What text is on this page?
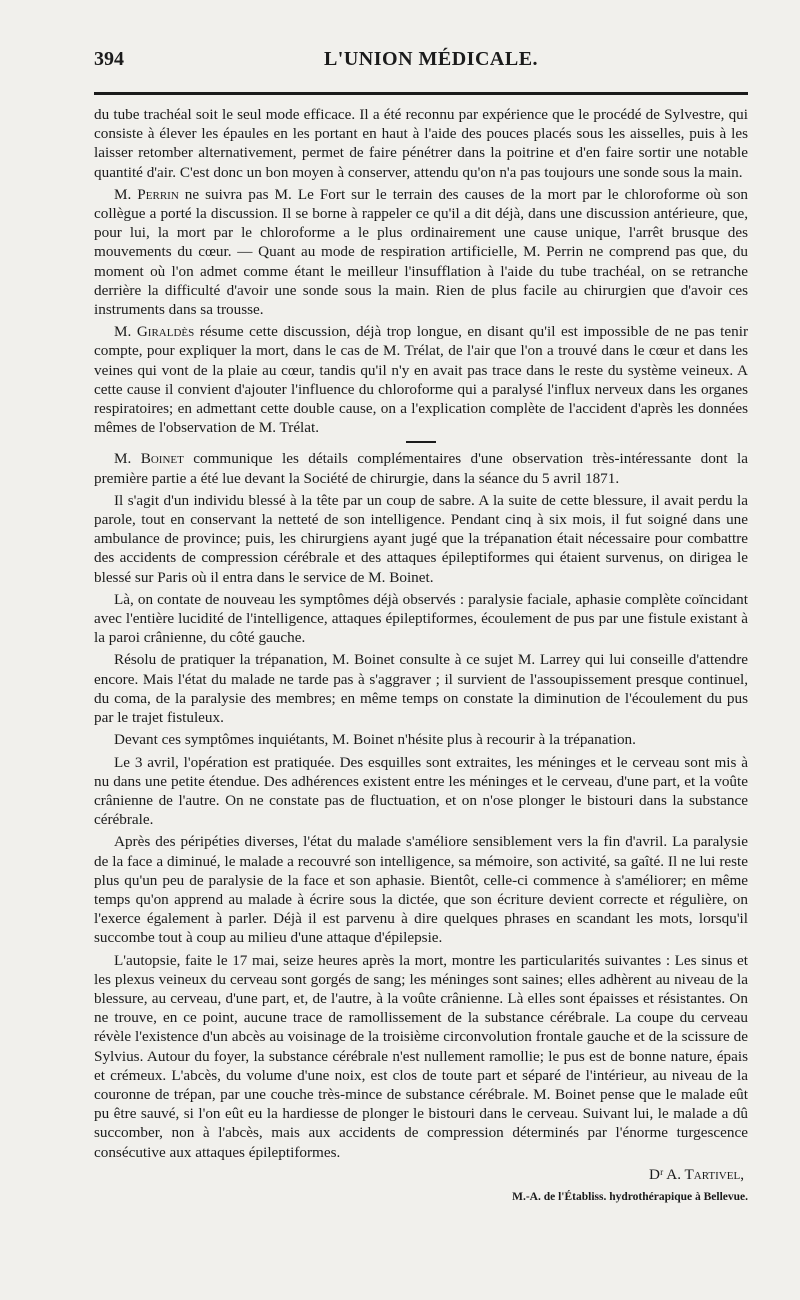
394	L'UNION MÉDICALE.

du tube trachéal soit le seul mode efficace. Il a été reconnu par expérience que le procédé de Sylvestre, qui consiste à élever les épaules en les portant en haut à l'aide des pouces placés sous les aisselles, puis à les laisser retomber alternativement, permet de faire pénétrer dans la poitrine et d'en faire sortir une notable quantité d'air. C'est donc un bon moyen à conserver, attendu qu'on n'a pas toujours une sonde sous la main.

M. Perrin ne suivra pas M. Le Fort sur le terrain des causes de la mort par le chloroforme où son collègue a porté la discussion. Il se borne à rappeler ce qu'il a dit déjà, dans une discussion antérieure, que, pour lui, la mort par le chloroforme a le plus ordinairement une cause unique, l'arrêt brusque des mouvements du cœur. — Quant au mode de respiration artificielle, M. Perrin ne comprend pas que, du moment où l'on admet comme étant le meilleur l'insufflation à l'aide du tube trachéal, on se retranche derrière la difficulté d'avoir une sonde sous la main. Rien de plus facile au chirurgien que d'avoir ces instruments dans sa trousse.

M. Giraldès résume cette discussion, déjà trop longue, en disant qu'il est impossible de ne pas tenir compte, pour expliquer la mort, dans le cas de M. Trélat, de l'air que l'on a trouvé dans le cœur et dans les veines qui vont de la plaie au cœur, tandis qu'il n'y en avait pas trace dans le reste du système veineux. A cette cause il convient d'ajouter l'influence du chloroforme qui a paralysé l'influx nerveux dans les organes respiratoires; en admettant cette double cause, on a l'explication complète de l'accident d'après les données mêmes de l'observation de M. Trélat.

M. Boinet communique les détails complémentaires d'une observation très-intéressante dont la première partie a été lue devant la Société de chirurgie, dans la séance du 5 avril 1871.

Il s'agit d'un individu blessé à la tête par un coup de sabre. A la suite de cette blessure, il avait perdu la parole, tout en conservant la netteté de son intelligence. Pendant cinq à six mois, il fut soigné dans une ambulance de province; puis, les chirurgiens ayant jugé que la trépanation était nécessaire pour combattre des accidents de compression cérébrale et des attaques épileptiformes qui étaient survenus, on dirigea le blessé sur Paris où il entra dans le service de M. Boinet.

Là, on contate de nouveau les symptômes déjà observés : paralysie faciale, aphasie complète coïncidant avec l'entière lucidité de l'intelligence, attaques épileptiformes, écoulement de pus par une fistule existant à la paroi crânienne, du côté gauche.

Résolu de pratiquer la trépanation, M. Boinet consulte à ce sujet M. Larrey qui lui conseille d'attendre encore. Mais l'état du malade ne tarde pas à s'aggraver ; il survient de l'assoupissement presque continuel, du coma, de la paralysie des membres; en même temps on constate la diminution de l'écoulement du pus par le trajet fistuleux.

Devant ces symptômes inquiétants, M. Boinet n'hésite plus à recourir à la trépanation.

Le 3 avril, l'opération est pratiquée. Des esquilles sont extraites, les méninges et le cerveau sont mis à nu dans une petite étendue. Des adhérences existent entre les méninges et le cerveau, d'une part, et la voûte crânienne de l'autre. On ne constate pas de fluctuation, et on n'ose plonger le bistouri dans la substance cérébrale.

Après des péripéties diverses, l'état du malade s'améliore sensiblement vers la fin d'avril. La paralysie de la face a diminué, le malade a recouvré son intelligence, sa mémoire, son activité, sa gaîté. Il ne lui reste plus qu'un peu de paralysie de la face et son aphasie. Bientôt, celle-ci commence à s'améliorer; en même temps qu'on apprend au malade à écrire sous la dictée, que son écriture devient correcte et régulière, on l'exerce également à parler. Déjà il est parvenu à dire quelques phrases en scandant les mots, lorsqu'il succombe tout à coup au milieu d'une attaque d'épilepsie.

L'autopsie, faite le 17 mai, seize heures après la mort, montre les particularités suivantes : Les sinus et les plexus veineux du cerveau sont gorgés de sang; les méninges sont saines; elles adhèrent au niveau de la blessure, au cerveau, d'une part, et, de l'autre, à la voûte crânienne. Là elles sont épaisses et résistantes. On ne trouve, en ce point, aucune trace de ramollissement de la substance cérébrale. La coupe du cerveau révèle l'existence d'un abcès au voisinage de la troisième circonvolution frontale gauche et de la scissure de Sylvius. Autour du foyer, la substance cérébrale n'est nullement ramollie; le pus est de bonne nature, épais et crémeux. L'abcès, du volume d'une noix, est clos de toute part et séparé de l'intérieur, au niveau de la couronne de trépan, par une couche très-mince de substance cérébrale. M. Boinet pense que le malade eût pu être sauvé, si l'on eût eu la hardiesse de plonger le bistouri dans le cerveau. Suivant lui, le malade a dû succomber, non à l'abcès, mais aux accidents de compression déterminés par l'énorme turgescence consécutive aux attaques épileptiformes.

Dʳ A. Tartivel,
M.-A. de l'Établiss. hydrothérapique à Bellevue.
